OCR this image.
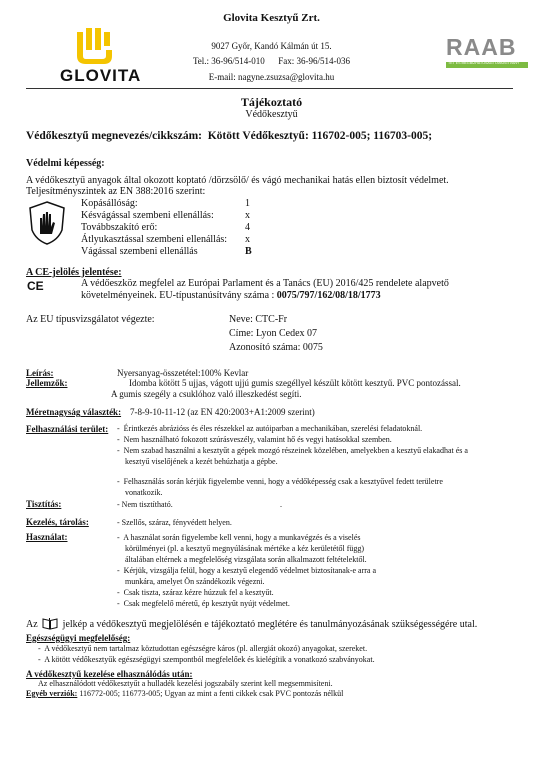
GLOVITA
Glovita Kesztyű Zrt.
9027 Győr, Kandó Kálmán út 15.
Tel.: 36-96/514-010      Fax: 36-96/514-036
E-mail: nagyne.zsuzsa@glovita.hu
RAAB
TÉT ÉS MEGBÍZHATÓSÁGI TANÚSÍTVÁNY
Tájékoztató
Védőkesztyű
Védőkesztyű megnevezés/cikkszám:  Kötött Védőkesztyű: 116702-005; 116703-005;
Védelmi képesség:
A védőkesztyű anyagok által okozott koptató /dörzsölő/ és vágó mechanikai hatás ellen biztosít védelmet.
Teljesítményszintek az EN 388:2016 szerint:
Kopásállóság:	1
Késvágással szembeni ellenállás:	x
Továbbszakító erő:	4
Átlyukasztással szembeni ellenállás: x
Vágással szembeni ellenállás	B
A CE-jelölés jelentése:
CE	A védőeszköz megfelel az Európai Parlament és a Tanács (EU) 2016/425 rendelete alapvető
követelményeinek. EU-típustanúsítvány száma : 0075/797/162/08/18/1773
Az EU típusvizsgálatot végezte:	Neve: CTC-Fr
Címe: Lyon Cedex 07
Azonosító száma: 0075
Leírás:	Nyersanyag-összetétel:100% Kevlar
Jellemzők:	Idomba kötött 5 ujjas, vágott ujjú gumis szegéllyel készült kötött kesztyű. PVC pontozással.
A gumis szegély a csuklóhoz való illeszkedést segíti.
Méretnagyság választék: 7-8-9-10-11-12 (az EN 420:2003+A1:2009 szerint)
Felhasználási terület: -  Érintkezés abrázióss és éles részekkel az autóiparban a mechanikában, szerelési feladatoknál.
-  Nem használható fokozott szúrásveszély, valamint hő és vegyi hatásokkal szemben.
-  Nem szabad használni a kesztyűt a gépek mozgó részeinek közelében, amelyekben a kesztyű elakadhat és a
kesztyű viselőjének a kezét behúzhatja a gépbe.
-  Felhasználás során kérjük figyelembe venni, hogy a védőképesség csak a kesztyűvel fedett területre
vonatkozik.
Tisztítás:	- Nem tisztítható.	.
Kezelés, tárolás:	- Szellős, száraz, fényvédett helyen.
Használat:	-  A használat során figyelembe kell venni, hogy a munkavégzés és a viselés
körülményei (pl. a kesztyű megnyúlásának mértéke a kéz kerületétől függ)
általában eltérnek a megfelelőség vizsgálata során alkalmazott feltételektől.
-  Kérjük, vizsgálja felül, hogy a kesztyű elegendő védelmet biztosítanak-e arra a
munkára, amelyet Ön szándékozik végezni.
-  Csak tiszta, száraz kézre húzzuk fel a kesztyűt.
-  Csak megfelelő méretű, ép kesztyűt nyújt védelmet.
Az	jelkép a védőkesztyű megjelölésén e tájékoztató meglétére és tanulmányozásának szükségességére utal.
Egészségügyi megfelelőség:
-  A védőkesztyű nem tartalmaz köztudottan egészségre káros (pl. allergiát okozó) anyagokat, szereket.
-  A kötött védőkesztyűk egészségügyi szempontból megfelelőek és kielégítik a vonatkozó szabványokat.
A védőkesztyű kezelése elhasználódás után:
Az elhasználódott védőkesztyűt a hulladék kezelési jogszabály szerint kell megsemmisíteni.
Egyéb verziók: 116772-005; 116773-005; Ugyan az mint a fenti cikkek csak PVC pontozás nélkül
